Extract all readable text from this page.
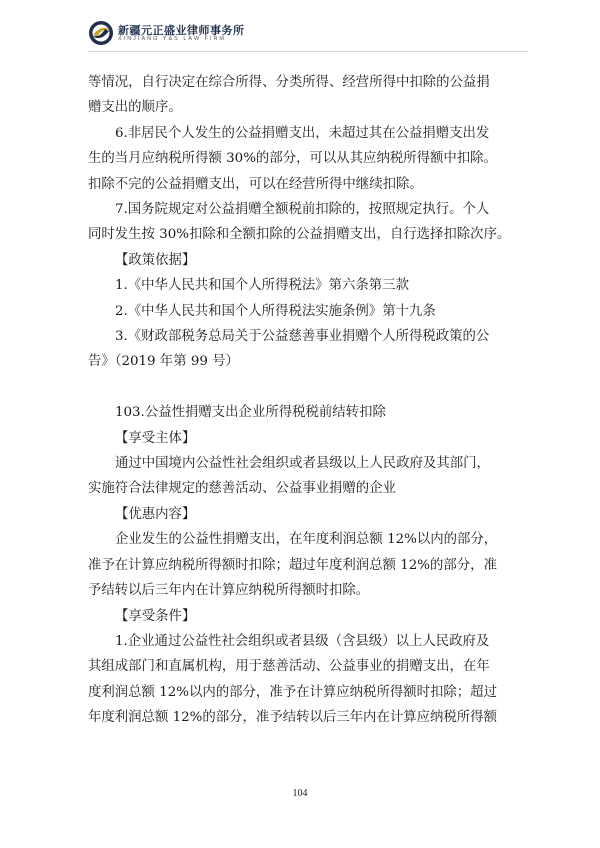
新疆元正盛业律师事务所
XINJIANG Y&S LAW FIRM

等情况，自行决定在综合所得、分类所得、经营所得中扣除的公益捐

赠支出的顺序。

6.非居民个人发生的公益捐赠支出，未超过其在公益捐赠支出发

生的当月应纳税所得额 30%的部分，可以从其应纳税所得额中扣除。

扣除不完的公益捐赠支出，可以在经营所得中继续扣除。

7.国务院规定对公益捐赠全额税前扣除的，按照规定执行。个人

同时发生按 30%扣除和全额扣除的公益捐赠支出，自行选择扣除次序。

【政策依据】

1.《中华人民共和国个人所得税法》第六条第三款

2.《中华人民共和国个人所得税法实施条例》第十九条

3.《财政部税务总局关于公益慈善事业捐赠个人所得税政策的公

告》（2019 年第 99 号）

103.公益性捐赠支出企业所得税税前结转扣除

【享受主体】

通过中国境内公益性社会组织或者县级以上人民政府及其部门，

实施符合法律规定的慈善活动、公益事业捐赠的企业

【优惠内容】

企业发生的公益性捐赠支出，在年度利润总额 12%以内的部分，

准予在计算应纳税所得额时扣除；超过年度利润总额 12%的部分，准

予结转以后三年内在计算应纳税所得额时扣除。

【享受条件】

1.企业通过公益性社会组织或者县级（含县级）以上人民政府及

其组成部门和直属机构，用于慈善活动、公益事业的捐赠支出，在年

度利润总额 12%以内的部分，准予在计算应纳税所得额时扣除；超过

年度利润总额 12%的部分，准予结转以后三年内在计算应纳税所得额

104
